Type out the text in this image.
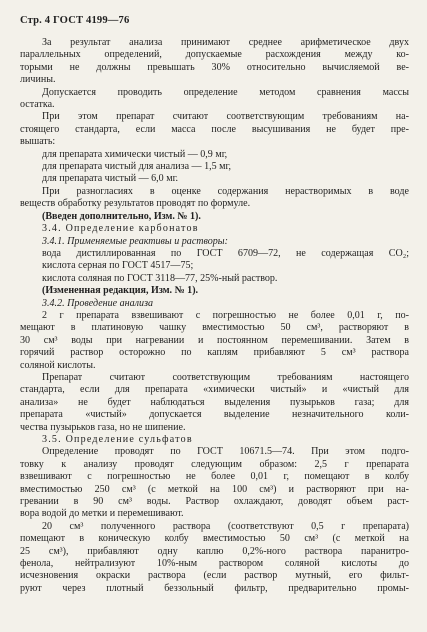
Стр. 4 ГОСТ 4199—76
За результат анализа принимают среднее арифметическое двух
параллельных определений, допускаемые расхождения между ко-
торыми не должны превышать 30% относительно вычисляемой ве-
личины.
Допускается проводить определение методом сравнения массы
остатка.
При этом препарат считают соответствующим требованиям на-
стоящего стандарта, если масса после высушивания не будет пре-
вышать:
для препарата химически чистый — 0,9 мг,
для препарата чистый для анализа — 1,5 мг,
для препарата чистый — 6,0 мг.
При разногласиях в оценке содержания нерастворимых в воде
веществ обработку результатов проводят по формуле.
(Введен дополнительно, Изм. № 1).
3.4. Определение карбонатов
3.4.1. Применяемые реактивы и растворы:
вода дистиллированная по ГОСТ 6709—72, не содержащая CO₂;
кислота серная по ГОСТ 4517—75;
кислота соляная по ГОСТ 3118—77, 25%-ный раствор.
(Измененная редакция, Изм. № 1).
3.4.2. Проведение анализа
2 г препарата взвешивают с погрешностью не более 0,01 г, по-
мещают в платиновую чашку вместимостью 50 см³, растворяют в
30 см³ воды при нагревании и постоянном перемешивании. Затем в
горячий раствор осторожно по каплям прибавляют 5 см³ раствора
соляной кислоты.
Препарат считают соответствующим требованиям настоящего
стандарта, если для препарата «химически чистый» и «чистый для
анализа» не будет наблюдаться выделения пузырьков газа; для
препарата «чистый» допускается выделение незначительного коли-
чества пузырьков газа, но не шипение.
3.5. Определение сульфатов
Определение проводят по ГОСТ 10671.5—74. При этом подго-
товку к анализу проводят следующим образом: 2,5 г препарата
взвешивают с погрешностью не более 0,01 г, помещают в колбу
вместимостью 250 см³ (с меткой на 100 см³) и растворяют при на-
гревании в 90 см³ воды. Раствор охлаждают, доводят объем раст-
вора водой до метки и перемешивают.
20 см³ полученного раствора (соответствуют 0,5 г препарата)
помещают в коническую колбу вместимостью 50 см³ (с меткой на
25 см³), прибавляют одну каплю 0,2%-ного раствора паранитро-
фенола, нейтрализуют 10%-ным раствором соляной кислоты до
исчезновения окраски раствора (если раствор мутный, его фильт-
руют через плотный беззольный фильтр, предварительно промы-
